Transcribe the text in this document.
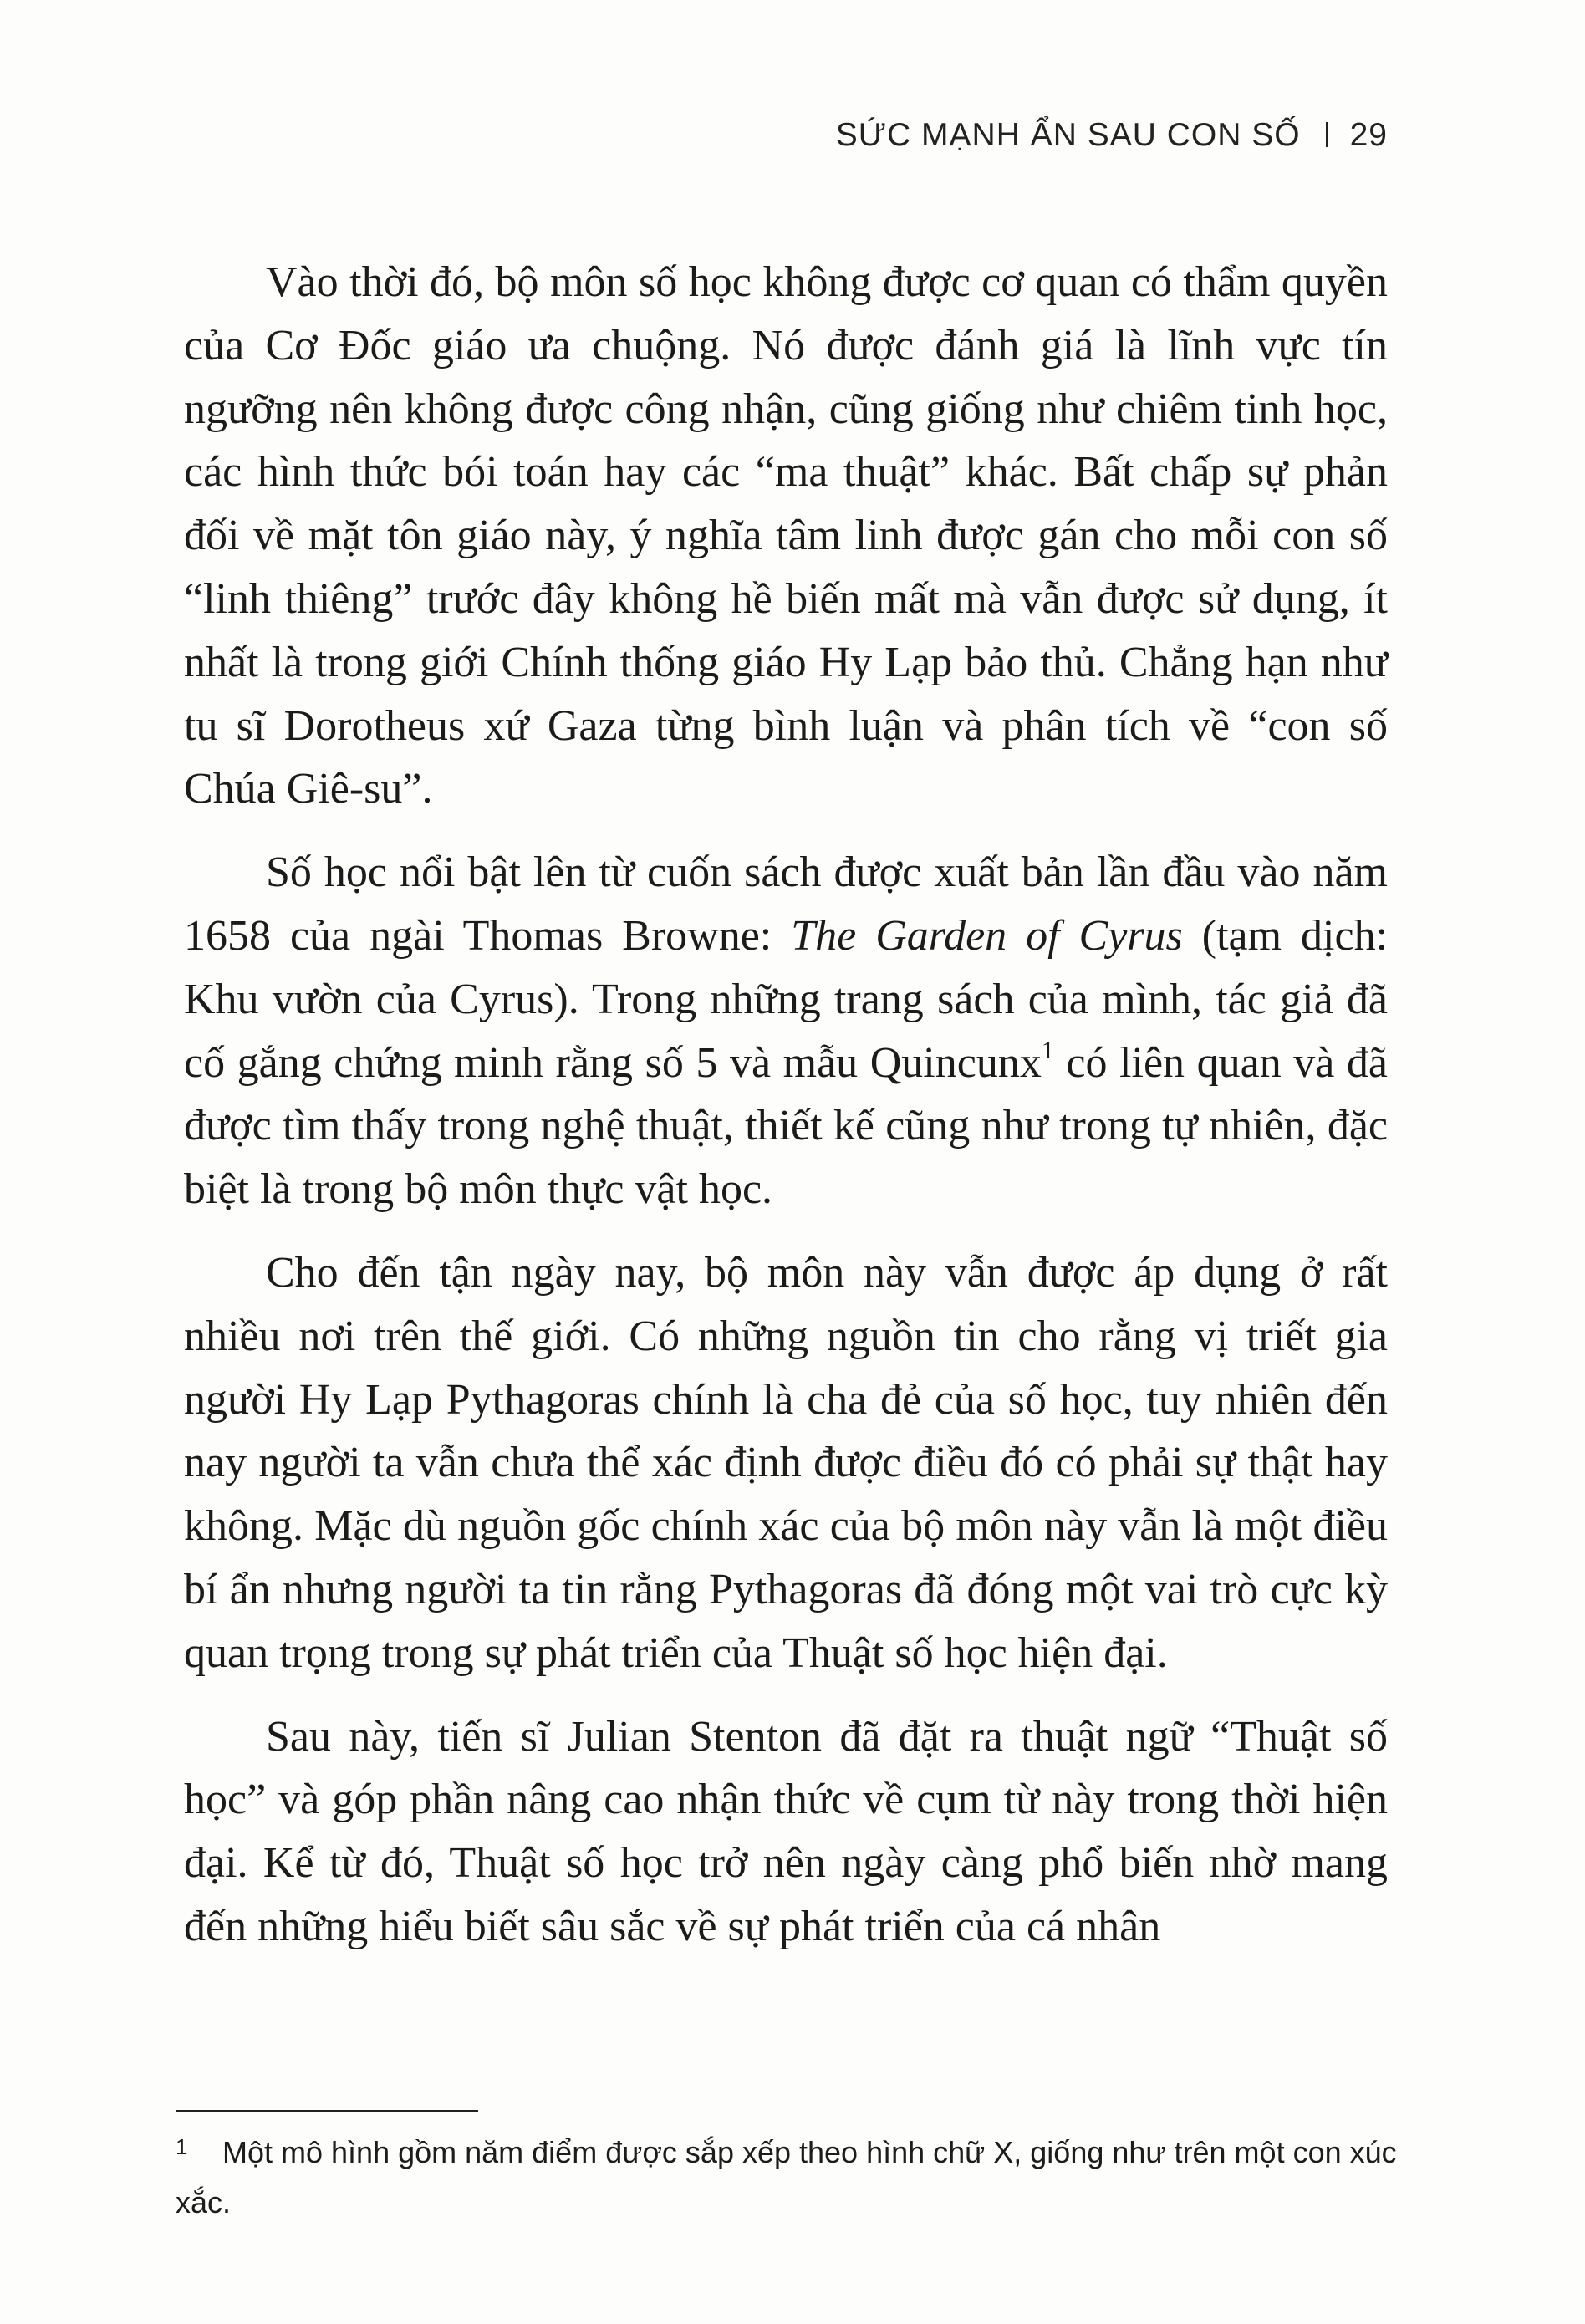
SỨC MẠNH ẨN SAU CON SỐ 29

Vào thời đó, bộ môn số học không được cơ quan có thẩm quyền của Cơ Đốc giáo ưa chuộng. Nó được đánh giá là lĩnh vực tín ngưỡng nên không được công nhận, cũng giống như chiêm tinh học, các hình thức bói toán hay các “ma thuật” khác. Bất chấp sự phản đối về mặt tôn giáo này, ý nghĩa tâm linh được gán cho mỗi con số “linh thiêng” trước đây không hề biến mất mà vẫn được sử dụng, ít nhất là trong giới Chính thống giáo Hy Lạp bảo thủ. Chẳng hạn như tu sĩ Dorotheus xứ Gaza từng bình luận và phân tích về “con số Chúa Giê-su”.

Số học nổi bật lên từ cuốn sách được xuất bản lần đầu vào năm 1658 của ngài Thomas Browne: The Garden of Cyrus (tạm dịch: Khu vườn của Cyrus). Trong những trang sách của mình, tác giả đã cố gắng chứng minh rằng số 5 và mẫu Quincunx$^1$ có liên quan và đã được tìm thấy trong nghệ thuật, thiết kế cũng như trong tự nhiên, đặc biệt là trong bộ môn thực vật học.

Cho đến tận ngày nay, bộ môn này vẫn được áp dụng ở rất nhiều nơi trên thế giới. Có những nguồn tin cho rằng vị triết gia người Hy Lạp Pythagoras chính là cha đẻ của số học, tuy nhiên đến nay người ta vẫn chưa thể xác định được điều đó có phải sự thật hay không. Mặc dù nguồn gốc chính xác của bộ môn này vẫn là một điều bí ẩn nhưng người ta tin rằng Pythagoras đã đóng một vai trò cực kỳ quan trọng trong sự phát triển của Thuật số học hiện đại.

Sau này, tiến sĩ Julian Stenton đã đặt ra thuật ngữ “Thuật số học” và góp phần nâng cao nhận thức về cụm từ này trong thời hiện đại. Kể từ đó, Thuật số học trở nên ngày càng phổ biến nhờ mang đến những hiểu biết sâu sắc về sự phát triển của cá nhân

1 Một mô hình gồm năm điểm được sắp xếp theo hình chữ X, giống như trên một con xúc xắc.
